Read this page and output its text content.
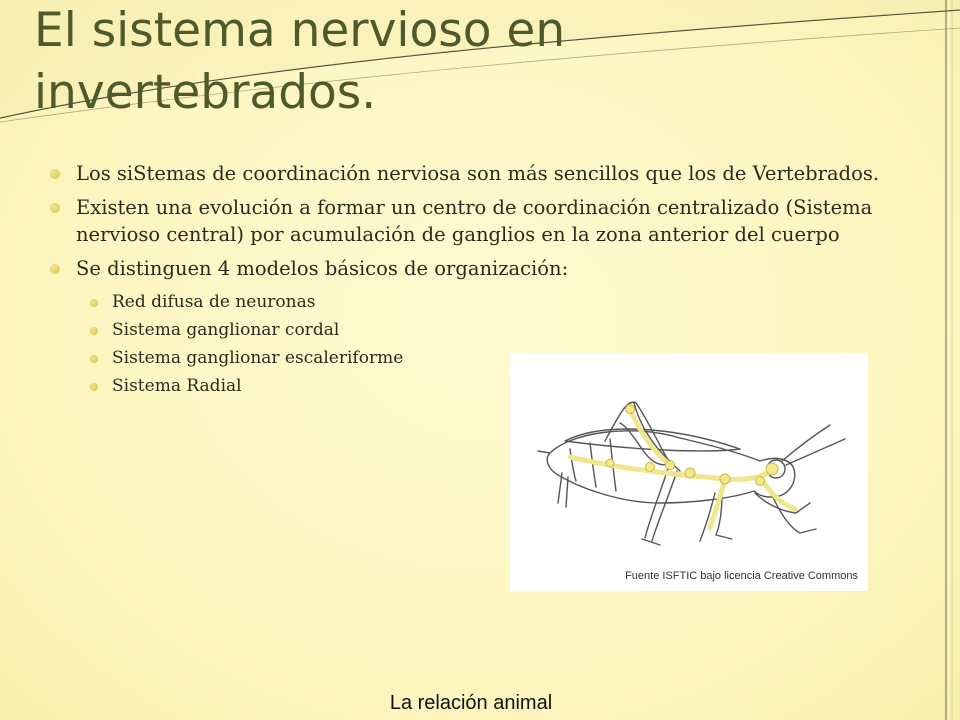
El sistema nervioso en
invertebrados.
Los siStemas de coordinación nerviosa son más sencillos que los de Vertebrados.
Existen una evolución a formar un centro de coordinación centralizado (Sistema nervioso central) por acumulación de ganglios en la zona anterior del cuerpo
Se distinguen 4 modelos básicos de organización:
Red difusa de neuronas
Sistema ganglionar cordal
Sistema ganglionar escaleriforme
Sistema Radial
Fuente ISFTIC bajo licencia Creative Commons
La relación animal
